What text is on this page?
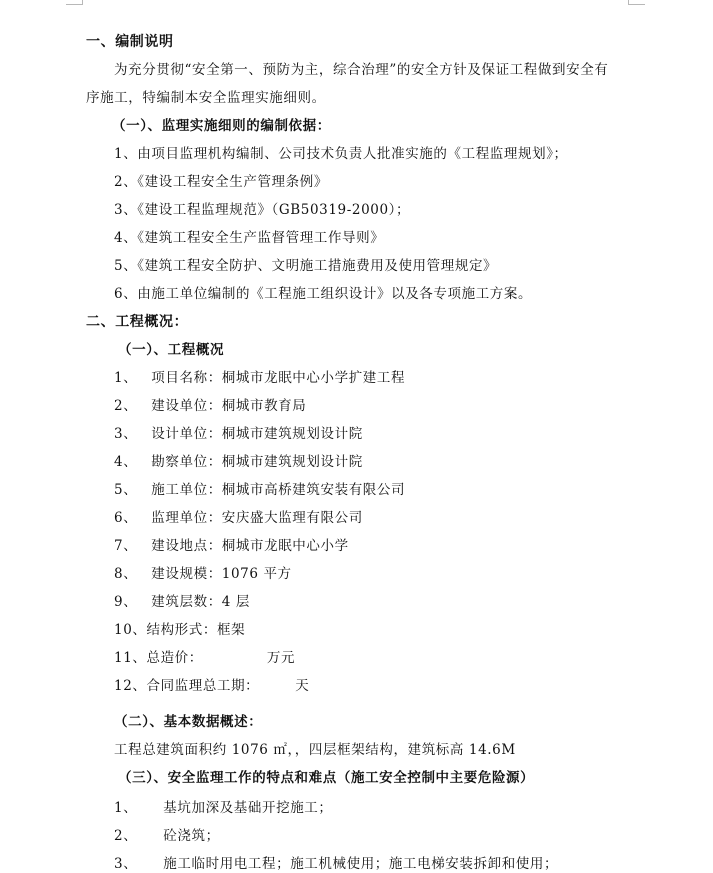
一、编制说明
为充分贯彻“安全第一、预防为主，综合治理”的安全方针及保证工程做到安全有
序施工，特编制本安全监理实施细则。
（一）、监理实施细则的编制依据：
1、由项目监理机构编制、公司技术负责人批准实施的《工程监理规划》；
2、《建设工程安全生产管理条例》
3、《建设工程监理规范》（GB50319-2000）；
4、《建筑工程安全生产监督管理工作导则》
5、《建筑工程安全防护、文明施工措施费用及使用管理规定》
6、由施工单位编制的《工程施工组织设计》以及各专项施工方案。
二、工程概况：
（一）、工程概况
1、 项目名称：桐城市龙眠中心小学扩建工程
2、 建设单位：桐城市教育局
3、 设计单位：桐城市建筑规划设计院
4、 勘察单位：桐城市建筑规划设计院
5、 施工单位：桐城市高桥建筑安装有限公司
6、 监理单位：安庆盛大监理有限公司
7、 建设地点：桐城市龙眠中心小学
8、 建设规模：1076 平方
9、 建筑层数：4 层
10、结构形式：框架
11、总造价：	万元
12、合同监理总工期：	天
（二）、基本数据概述：
工程总建筑面积约 1076 ㎡，，四层框架结构，建筑标高 14.6M
（三）、安全监理工作的特点和难点（施工安全控制中主要危险源）
1、 基坑加深及基础开挖施工；
2、 砼浇筑；
3、 施工临时用电工程；施工机械使用；施工电梯安装拆卸和使用；
